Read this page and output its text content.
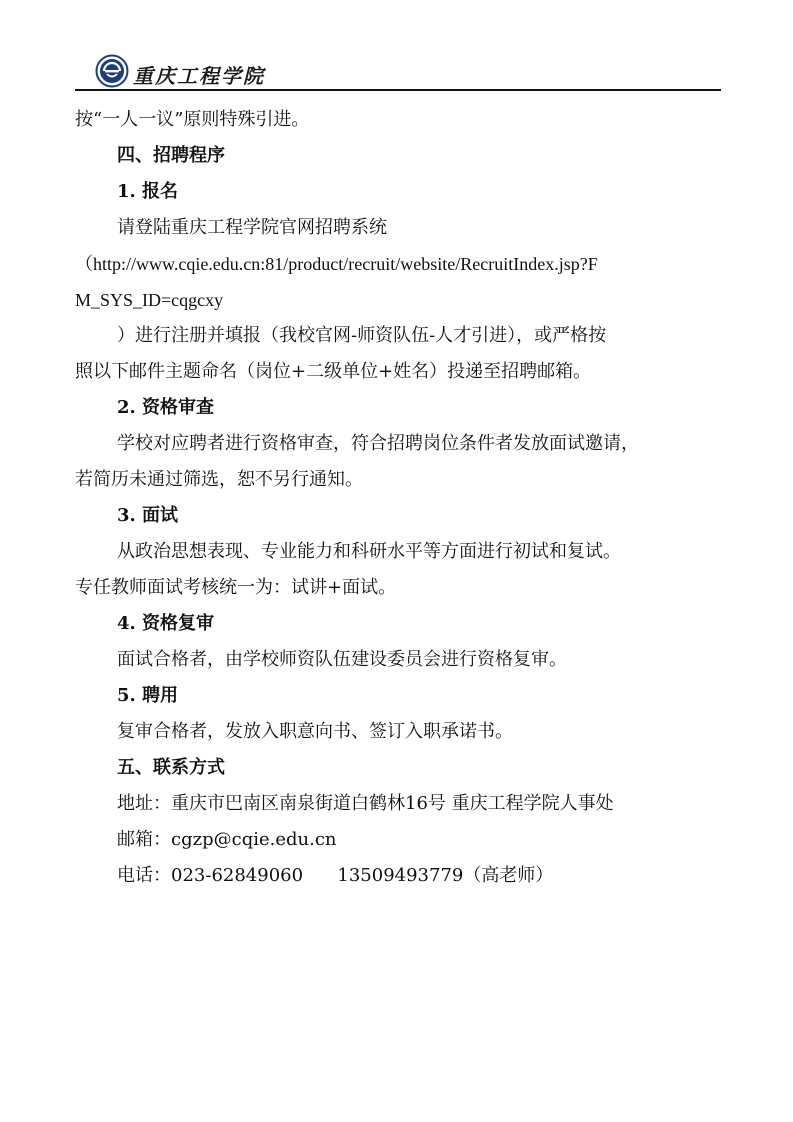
重庆工程学院
按“一人一议”原则特殊引进。
四、招聘程序
1. 报名
请登陆重庆工程学院官网招聘系统
（http://www.cqie.edu.cn:81/product/recruit/website/RecruitIndex.jsp?F
M_SYS_ID=cqgcxy
）进行注册并填报（我校官网-师资队伍-人才引进），或严格按
照以下邮件主题命名（岗位+二级单位+姓名）投递至招聘邮箱。
2. 资格审查
学校对应聘者进行资格审查，符合招聘岗位条件者发放面试邀请，
若简历未通过筛选，恕不另行通知。
3. 面试
从政治思想表现、专业能力和科研水平等方面进行初试和复试。
专任教师面试考核统一为：试讲+面试。
4. 资格复审
面试合格者，由学校师资队伍建设委员会进行资格复审。
5. 聘用
复审合格者，发放入职意向书、签订入职承诺书。
五、联系方式
地址：重庆市巴南区南泉街道白鹤林16号 重庆工程学院人事处
邮箱：cgzp@cqie.edu.cn
电话：023-62849060      13509493779（高老师）
